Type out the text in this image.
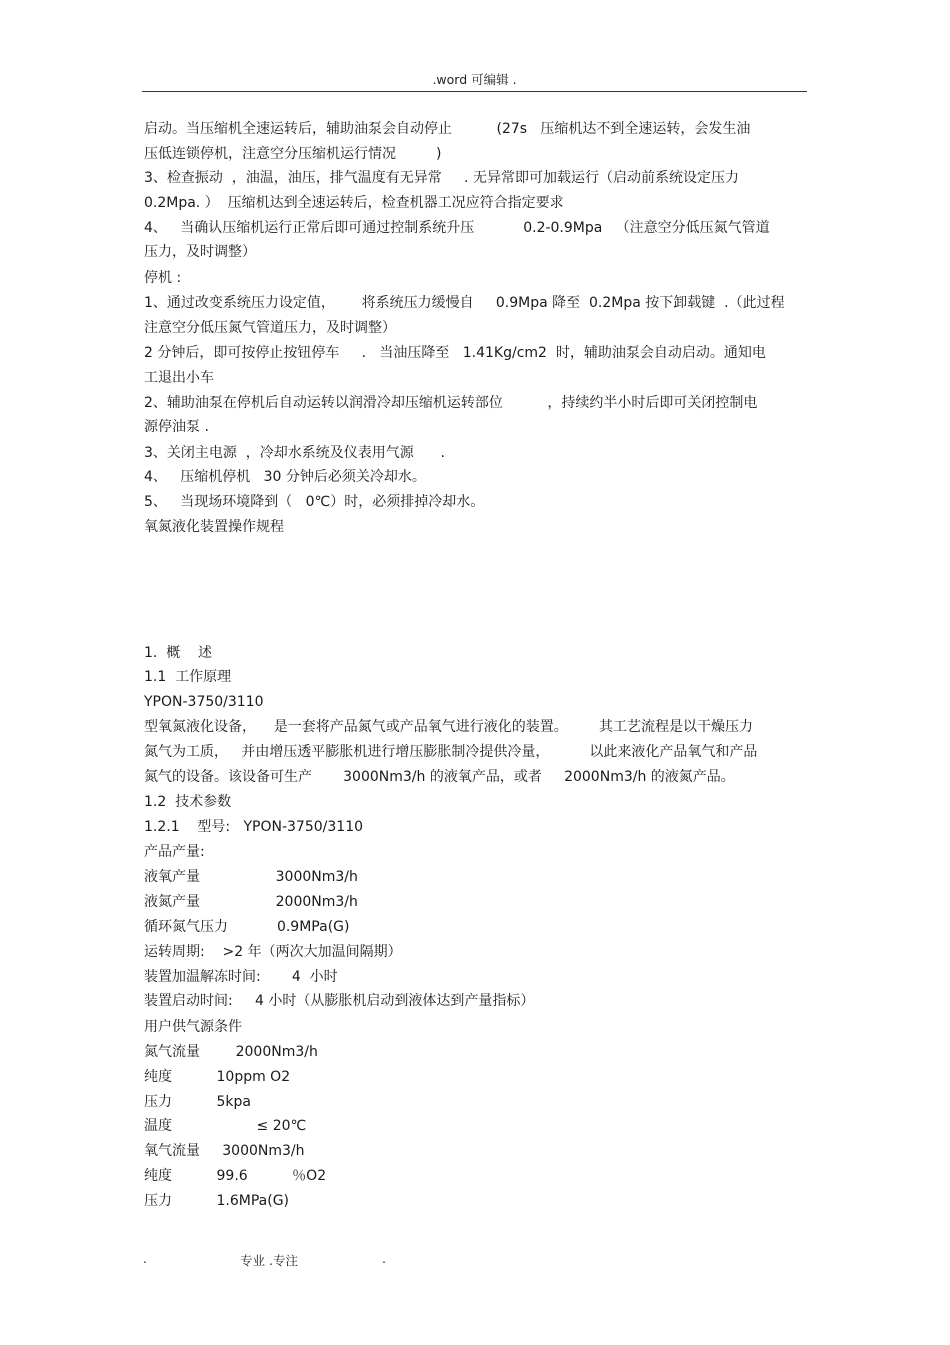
.word 可编辑 .
启动。当压缩机全速运转后，辅助油泵会自动停止          (27s   压缩机达不到全速运转，会发生油
压低连锁停机，注意空分压缩机运行情况         )
3、检查振动  ，油温，油压，排气温度有无异常     . 无异常即可加载运行（启动前系统设定压力
0.2Mpa. ）  压缩机达到全速运转后，检查机器工况应符合指定要求
4、   当确认压缩机运行正常后即可通过控制系统升压           0.2-0.9Mpa   （注意空分低压氮气管道
压力，及时调整）
停机 :
1、通过改变系统压力设定值，      将系统压力缓慢自     0.9Mpa 降至  0.2Mpa 按下卸载键  .（此过程
注意空分低压氮气管道压力，及时调整）
2 分钟后，即可按停止按钮停车     .   当油压降至   1.41Kg/cm2  时，辅助油泵会自动启动。通知电
工退出小车
2、辅助油泵在停机后自动运转以润滑冷却压缩机运转部位          ，持续约半小时后即可关闭控制电
源停油泵 .
3、关闭主电源  ，冷却水系统及仪表用气源      .
4、   压缩机停机   30 分钟后必须关冷却水。
5、   当现场环境降到（   0℃）时，必须排掉冷却水。
氧氮液化装置操作规程
1.  概    述
1.1  工作原理
YPON-3750/3110
型氧氮液化设备，    是一套将产品氮气或产品氧气进行液化的装置。       其工艺流程是以干燥压力
氮气为工质，   并由增压透平膨胀机进行增压膨胀制冷提供冷量，         以此来液化产品氧气和产品
氮气的设备。该设备可生产       3000Nm3/h 的液氧产品，或者     2000Nm3/h 的液氮产品。
1.2  技术参数
1.2.1    型号:   YPON-3750/3110
产品产量:
液氧产量                 3000Nm3/h
液氮产量                 2000Nm3/h
循环氮气压力           0.9MPa(G)
运转周期:    >2 年（两次大加温间隔期）
装置加温解冻时间:       4  小时
装置启动时间:     4 小时（从膨胀机启动到液体达到产量指标）
用户供气源条件
氮气流量        2000Nm3/h
纯度          10ppm O2
压力          5kpa
温度                   ≤ 20℃
氧气流量     3000Nm3/h
纯度          99.6          ％O2
压力          1.6MPa(G)
.	专业 .专注	.
